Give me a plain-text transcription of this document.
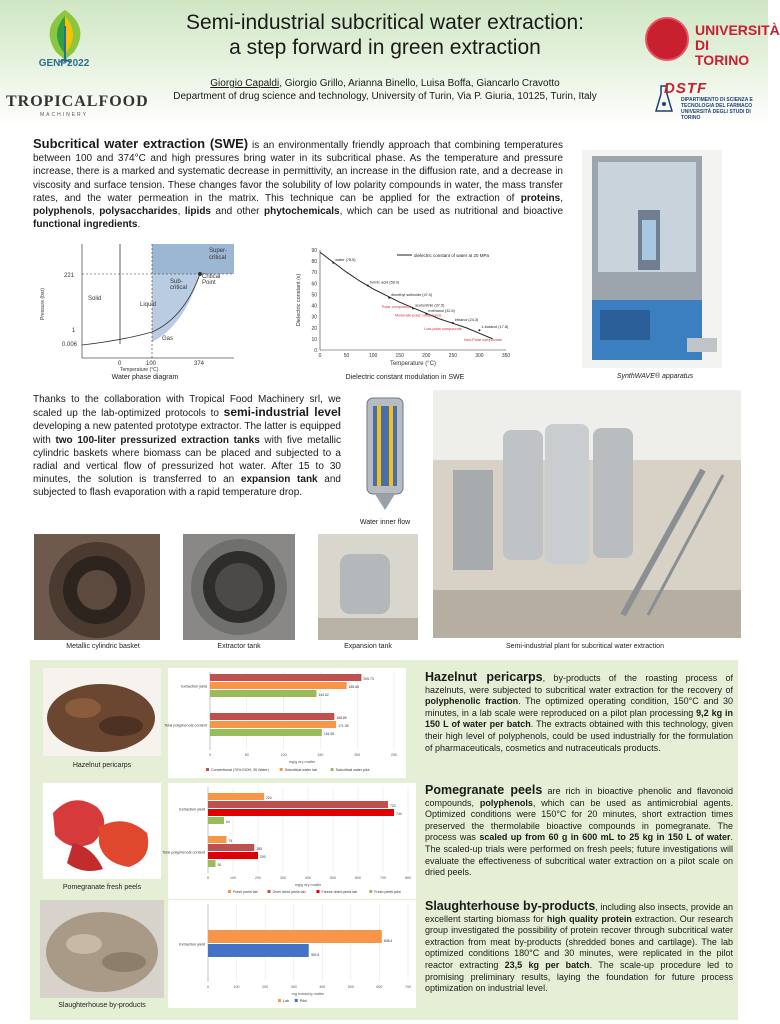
GENP2022
TROPICALFOOD
MACHINERY
Semi-industrial subcritical water extraction:
a step forward in green extraction
Giorgio Capaldi, Giorgio Grillo, Arianna Binello, Luisa Boffa, Giancarlo Cravotto
Department of drug science and technology, University of Turin, Via P. Giuria, 10125, Turin, Italy
UNIVERSITÀ
DI TORINO
DSTF
DIPARTIMENTO DI SCIENZA E
TECNOLOGIA DEL FARMACO
UNIVERSITÀ DEGLI STUDI DI TORINO
Subcritical water extraction (SWE) is an environmentally friendly approach that combining temperatures between 100 and 374°C and high pressures bring water in its subcritical phase. As the temperature and pressure increase, there is a marked and systematic decrease in permittivity, an increase in the diffusion rate, and a decrease in viscosity and surface tension. These changes favor the solubility of low polarity compounds in water, the mass transfer rates, and the water permeation in the matrix. This technique can be applied for the extraction of proteins, polyphenols, polysaccharides, lipids and other phytochemicals, which can be used as nutritional and bioactive functional ingredients.
Super-
critical
Sub-
critical
Critical
Point
Solid
Liquid
Gas
221
1
0.006
0	100	374
Pressure (bar)
Temperature (°C)
Water phase diagram
0
10
20
30
40
50
60
70
80
90
0	50	100	150	200	250	300	350
Temperature (°C)
Dielectric constant (ε)
dielectric constant of water at 20 MPa
water (78.5)
formic acid (58.0)
dimethyl sulfoxide (47.0)
acetonitrile (37.5)
methanol (32.6)
ethanol (24.3)
1-butanol (17.8)
Polar compounds
Moderate-polar compounds
Low-polar compounds
Non-Polar compounds
Dielectric constant modulation in SWE	SynthWAVE® apparatus
Thanks to the collaboration with Tropical Food Machinery srl, we scaled up the lab-optimized protocols to semi-industrial level developing a new patented prototype extractor. The latter is equipped with two 100-liter pressurized extraction tanks with five metallic cylindric baskets where biomass can be placed and subjected to a radial and vertical flow of pressurized hot water. After 15 to 30 minutes, the solution is transferred to an expansion tank and subjected to flash evaporation with a rapid temperature drop.
Water inner flow
Semi-industrial plant for subcritical water extraction
Metallic cylindric basket	Extractor tank	Expansion tank
Hazelnut pericarps
0	50	100	150	200	250
mg/g dry matter
Extraction yield
205.73
185.66
144.62
Total polyphenols content
168.89
171.35
151.96
Conventional (70% EtOH, 30 Water)	Subcritical water lab	Subcritical water pilot
Hazelnut pericarps, by-products of the roasting process of hazelnuts, were subjected to subcritical water extraction for the recovery of polyphenolic fraction. The optimized operating condition, 150°C and 30 minutes, in a lab scale were reproduced on a pilot plan processing 9,2 kg in 150 L of water per batch. The extracts obtained with this technology, given their high level of polyphenols, could be used industrially for the formulation of pharmaceuticals, cosmetics and nutraceuticals products.
Pomegranate fresh peels
0	100	200	300	400	500	600	700	800
mg/g dry matter
Extraction yield
224
720
744
64
Total polyphenols content
74
185
200
30
Fresh peels lab	Oven dried peels lab	Freeze dried peels lab	Fresh peels pilot
Pomegranate peels are rich in bioactive phenolic and flavonoid compounds, polyphenols, which can be used as antimicrobial agents. Optimized conditions were 150°C for 20 minutes, short extraction times preserved the thermolabile bioactive compounds in pomegranate. The process was scaled up from 60 g in 600 mL to 25 kg in 150 L of water. The scaled-up trials were performed on fresh peels; future investigations will evaluate the effectiveness of subcritical water extraction on a pilot scale on dried peels.
Slaughterhouse by-products
0	100	200	300	400	500	600	700
mg extract/g matter
Extraction yield
608.4
352.6
Lab	Pilot
Slaughterhouse by-products, including also insects, provide an excellent starting biomass for high quality protein extraction. Our research group investigated the possibility of protein recover through subcritical water extraction from meat by-products (shredded bones and cartilage). The lab optimized conditions 180°C and 30 minutes, were replicated in the pilot reactor extracting 23,5 kg per batch. The scale-up procedure led to promising preliminary results, laying the foundation for future process optimization on industrial level.
